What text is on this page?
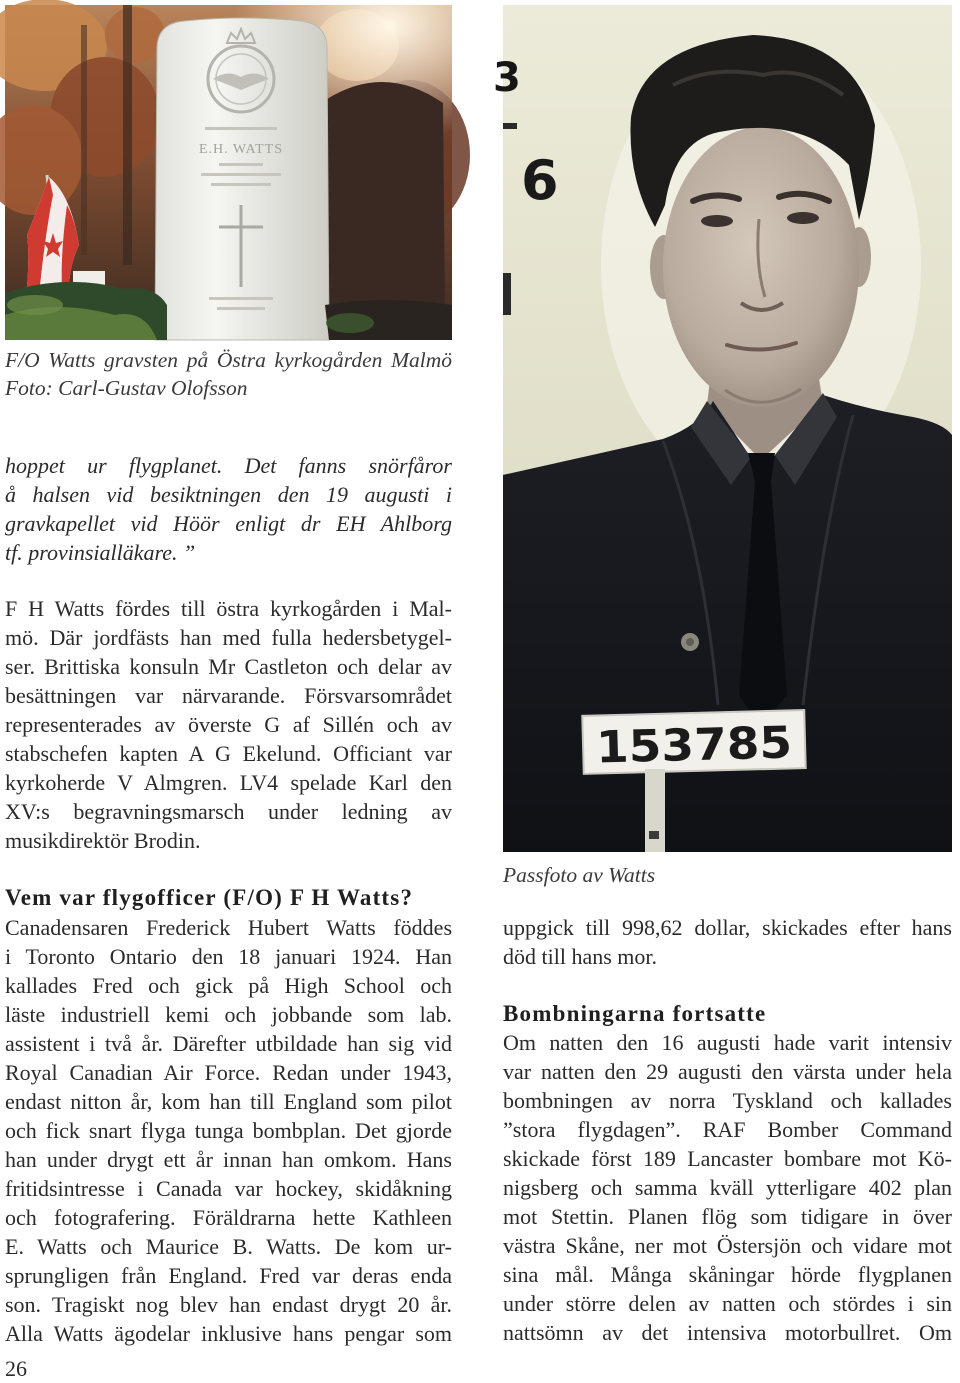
E.H. WATTS
F/O Watts gravsten på Östra kyrkogården Malmö
Foto: Carl-Gustav Olofsson
hoppet ur flygplanet. Det fanns snörfåror
å halsen vid besiktningen den 19 augusti i
gravkapellet vid Höör enligt dr EH Ahlborg
tf. provinsialläkare. ”
F H Watts fördes till östra kyrkogården i Mal-
mö. Där jordfästs han med fulla hedersbetygel-
ser. Brittiska konsuln Mr Castleton och delar av
besättningen var närvarande. Försvarsområdet
representerades av överste G af Sillén och av
stabschefen kapten A G Ekelund. Officiant var
kyrkoherde V Almgren. LV4 spelade Karl den
XV:s begravningsmarsch under ledning av
musikdirektör Brodin.
Vem var flygofficer (F/O) F H Watts?
Canadensaren Frederick Hubert Watts föddes
i Toronto Ontario den 18 januari 1924. Han
kallades Fred och gick på High School och
läste industriell kemi och jobbande som lab.
assistent i två år. Därefter utbildade han sig vid
Royal Canadian Air Force. Redan under 1943,
endast nitton år, kom han till England som pilot
och fick snart flyga tunga bombplan. Det gjorde
han under drygt ett år innan han omkom. Hans
fritidsintresse i Canada var hockey, skidåkning
och fotografering. Föräldrarna hette Kathleen
E. Watts och Maurice B. Watts. De kom ur-
sprungligen från England. Fred var deras enda
son. Tragiskt nog blev han endast drygt 20 år.
Alla Watts ägodelar inklusive hans pengar som
26
3
6
153785
Passfoto av Watts
uppgick till 998,62 dollar, skickades efter hans
död till hans mor.
Bombningarna fortsatte
Om natten den 16 augusti hade varit intensiv
var natten den 29 augusti den värsta under hela
bombningen av norra Tyskland och kallades
”stora flygdagen”. RAF Bomber Command
skickade först 189 Lancaster bombare mot Kö-
nigsberg och samma kväll ytterligare 402 plan
mot Stettin. Planen flög som tidigare in över
västra Skåne, ner mot Östersjön och vidare mot
sina mål. Många skåningar hörde flygplanen
under större delen av natten och stördes i sin
nattsömn av det intensiva motorbullret. Om
